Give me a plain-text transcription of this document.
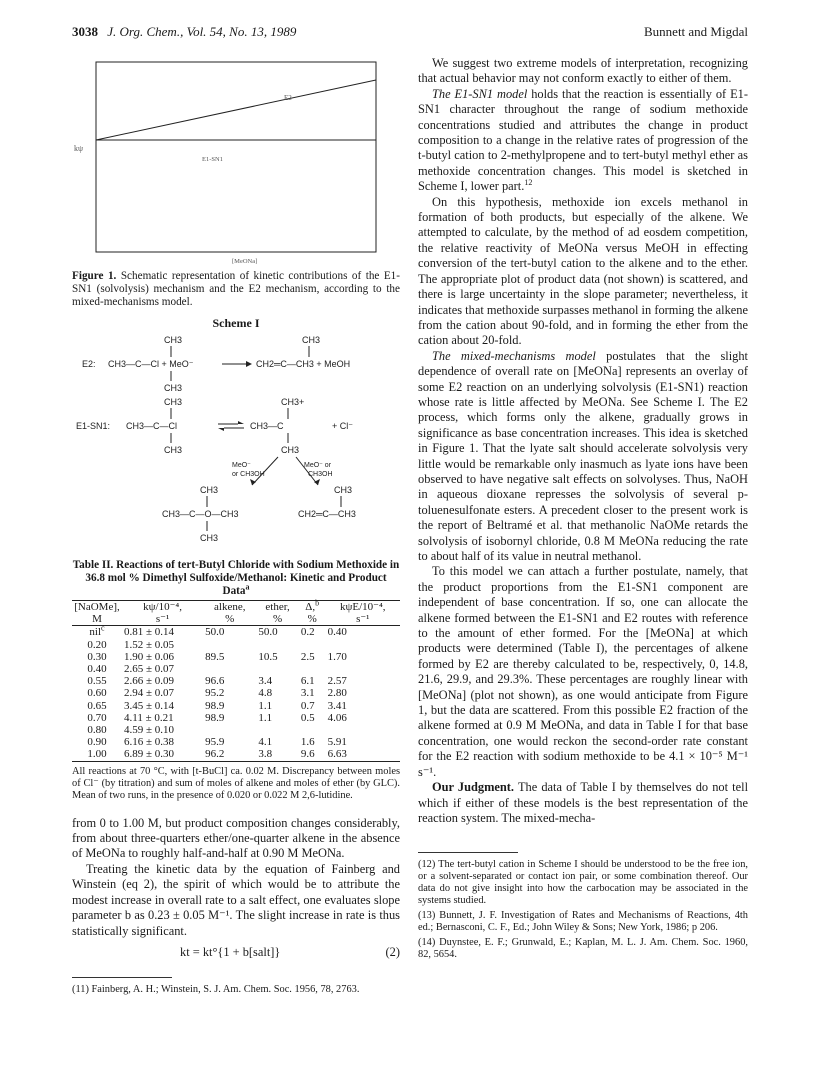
3038 J. Org. Chem., Vol. 54, No. 13, 1989	Bunnett and Migdal
kψ
E2
E1-SN1
[MeONa]
Figure 1. Schematic representation of kinetic contributions of the E1-SN1 (solvolysis) mechanism and the E2 mechanism, according to the mixed-mechanisms model.
Scheme I
CH3
E2: CH3—C—Cl + MeO⁻
CH3
CH3
CH2═C—CH3 + MeOH
CH3
E1-SN1: CH3—C—Cl
CH3
CH3+
CH3—C
CH3
+ Cl⁻
MeO⁻
or CH3OH
MeO⁻ or
CH3OH
CH3
CH3—C—O—CH3
CH3
CH3
CH2═C—CH3
Table II. Reactions of tert-Butyl Chloride with Sodium Methoxide in 36.8 mol % Dimethyl Sulfoxide/Methanol: Kinetic and Product Data$^a$
[NaOMe],	kψ/10⁻⁴,	alkene,	ether,	Δ,$^b$	kψE/10⁻⁴,
M	s⁻¹	%	%	%	s⁻¹
nil$^c$	0.81 ± 0.14	50.0	50.0	0.2	0.40
0.20	1.52 ± 0.05				
0.30	1.90 ± 0.06	89.5	10.5	2.5	1.70
0.40	2.65 ± 0.07				
0.55	2.66 ± 0.09	96.6	3.4	6.1	2.57
0.60	2.94 ± 0.07	95.2	4.8	3.1	2.80
0.65	3.45 ± 0.14	98.9	1.1	0.7	3.41
0.70	4.11 ± 0.21	98.9	1.1	0.5	4.06
0.80	4.59 ± 0.10				
0.90	6.16 ± 0.38	95.9	4.1	1.6	5.91
1.00	6.89 ± 0.30	96.2	3.8	9.6	6.63
All reactions at 70 °C, with [t-BuCl] ca. 0.02 M. Discrepancy between moles of Cl⁻ (by titration) and sum of moles of alkene and moles of ether (by GLC). Mean of two runs, in the presence of 0.020 or 0.022 M 2,6-lutidine.

from 0 to 1.00 M, but product composition changes considerably, from about three-quarters ether/one-quarter alkene in the absence of MeONa to roughly half-and-half at 0.90 M MeONa.

Treating the kinetic data by the equation of Fainberg and Winstein (eq 2), the spirit of which would be to attribute the modest increase in overall rate to a salt effect, one evaluates slope parameter b as 0.23 ± 0.05 M⁻¹. The slight increase in rate is thus statistically significant.

kt = kt°{1 + b[salt]}	(2)
(11) Fainberg, A. H.; Winstein, S. J. Am. Chem. Soc. 1956, 78, 2763.

We suggest two extreme models of interpretation, recognizing that actual behavior may not conform exactly to either of them.

The E1-SN1 model holds that the reaction is essentially of E1-SN1 character throughout the range of sodium methoxide concentrations studied and attributes the change in product composition to a change in the relative rates of progression of the t-butyl cation to 2-methylpropene and to tert-butyl methyl ether as methoxide concentration changes. This model is sketched in Scheme I, lower part.$^{12}$

On this hypothesis, methoxide ion excels methanol in formation of both products, but especially of the alkene. We attempted to calculate, by the method of ad eosdem competition, the relative reactivity of MeONa versus MeOH in effecting conversion of the tert-butyl cation to the alkene and to the ether. The appropriate plot of product data (not shown) is scattered, and there is large uncertainty in the slope parameter; nevertheless, it indicates that methoxide surpasses methanol in forming the alkene from the cation about 90-fold, and in forming the ether from the cation about 20-fold.

The mixed-mechanisms model postulates that the slight dependence of overall rate on [MeONa] represents an overlay of some E2 reaction on an underlying solvolysis (E1-SN1) reaction whose rate is little affected by MeONa. See Scheme I. The E2 process, which forms only the alkene, gradually grows in significance as base concentration increases. This idea is sketched in Figure 1. That the lyate salt should accelerate solvolysis very little would be remarkable only inasmuch as lyate ions have been observed to have negative salt effects on solvolyses. Thus, NaOH in aqueous dioxane represses the solvolysis of several p-toluenesulfonate esters. A precedent closer to the present work is the report of Beltramé et al. that methanolic NaOMe retards the solvolysis of isobornyl chloride, 0.8 M MeONa reducing the rate to about half of its value in neutral methanol.

To this model we can attach a further postulate, namely, that the product proportions from the E1-SN1 component are independent of base concentration. If so, one can allocate the alkene formed between the E1-SN1 and E2 routes with reference to the amount of ether formed. For the [MeONa] at which products were determined (Table I), the percentages of alkene formed by E2 are thereby calculated to be, respectively, 0, 14.8, 21.6, 29.9, and 29.3%. These percentages are roughly linear with [MeONa] (plot not shown), as one would anticipate from Figure 1, but the data are scattered. From this possible E2 fraction of the alkene formed at 0.9 M MeONa, and data in Table I for that base concentration, one would reckon the second-order rate constant for the E2 reaction with sodium methoxide to be 4.1 × 10⁻⁵ M⁻¹ s⁻¹.

Our Judgment. The data of Table I by themselves do not tell which if either of these models is the best representation of the reaction system. The mixed-mecha-

(12) The tert-butyl cation in Scheme I should be understood to be the free ion, or a solvent-separated or contact ion pair, or some combination thereof. Our data do not give insight into how the carbocation may be associated in the systems studied.
(13) Bunnett, J. F. Investigation of Rates and Mechanisms of Reactions, 4th ed.; Bernasconi, C. F., Ed.; John Wiley & Sons; New York, 1986; p 206.
(14) Duynstee, E. F.; Grunwald, E.; Kaplan, M. L. J. Am. Chem. Soc. 1960, 82, 5654.
